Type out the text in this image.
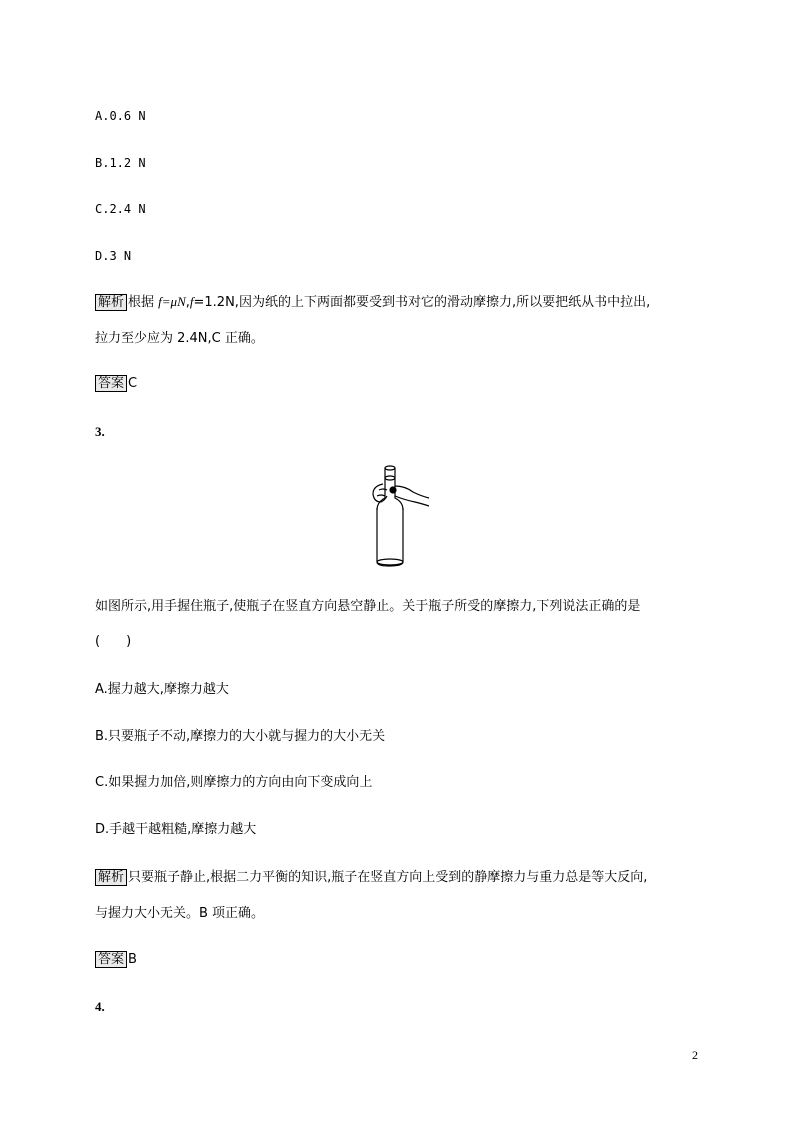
A.0.6 N
B.1.2 N
C.2.4 N
D.3 N
解析 根据 f=μN,f=1.2N,因为纸的上下两面都要受到书对它的滑动摩擦力,所以要把纸从书中拉出,
拉力至少应为 2.4N,C 正确。
答案 C
3.
如图所示,用手握住瓶子,使瓶子在竖直方向悬空静止。关于瓶子所受的摩擦力,下列说法正确的是
(　　)
A.握力越大,摩擦力越大
B.只要瓶子不动,摩擦力的大小就与握力的大小无关
C.如果握力加倍,则摩擦力的方向由向下变成向上
D.手越干越粗糙,摩擦力越大
解析 只要瓶子静止,根据二力平衡的知识,瓶子在竖直方向上受到的静摩擦力与重力总是等大反向,
与握力大小无关。B 项正确。
答案 B
4.
2
